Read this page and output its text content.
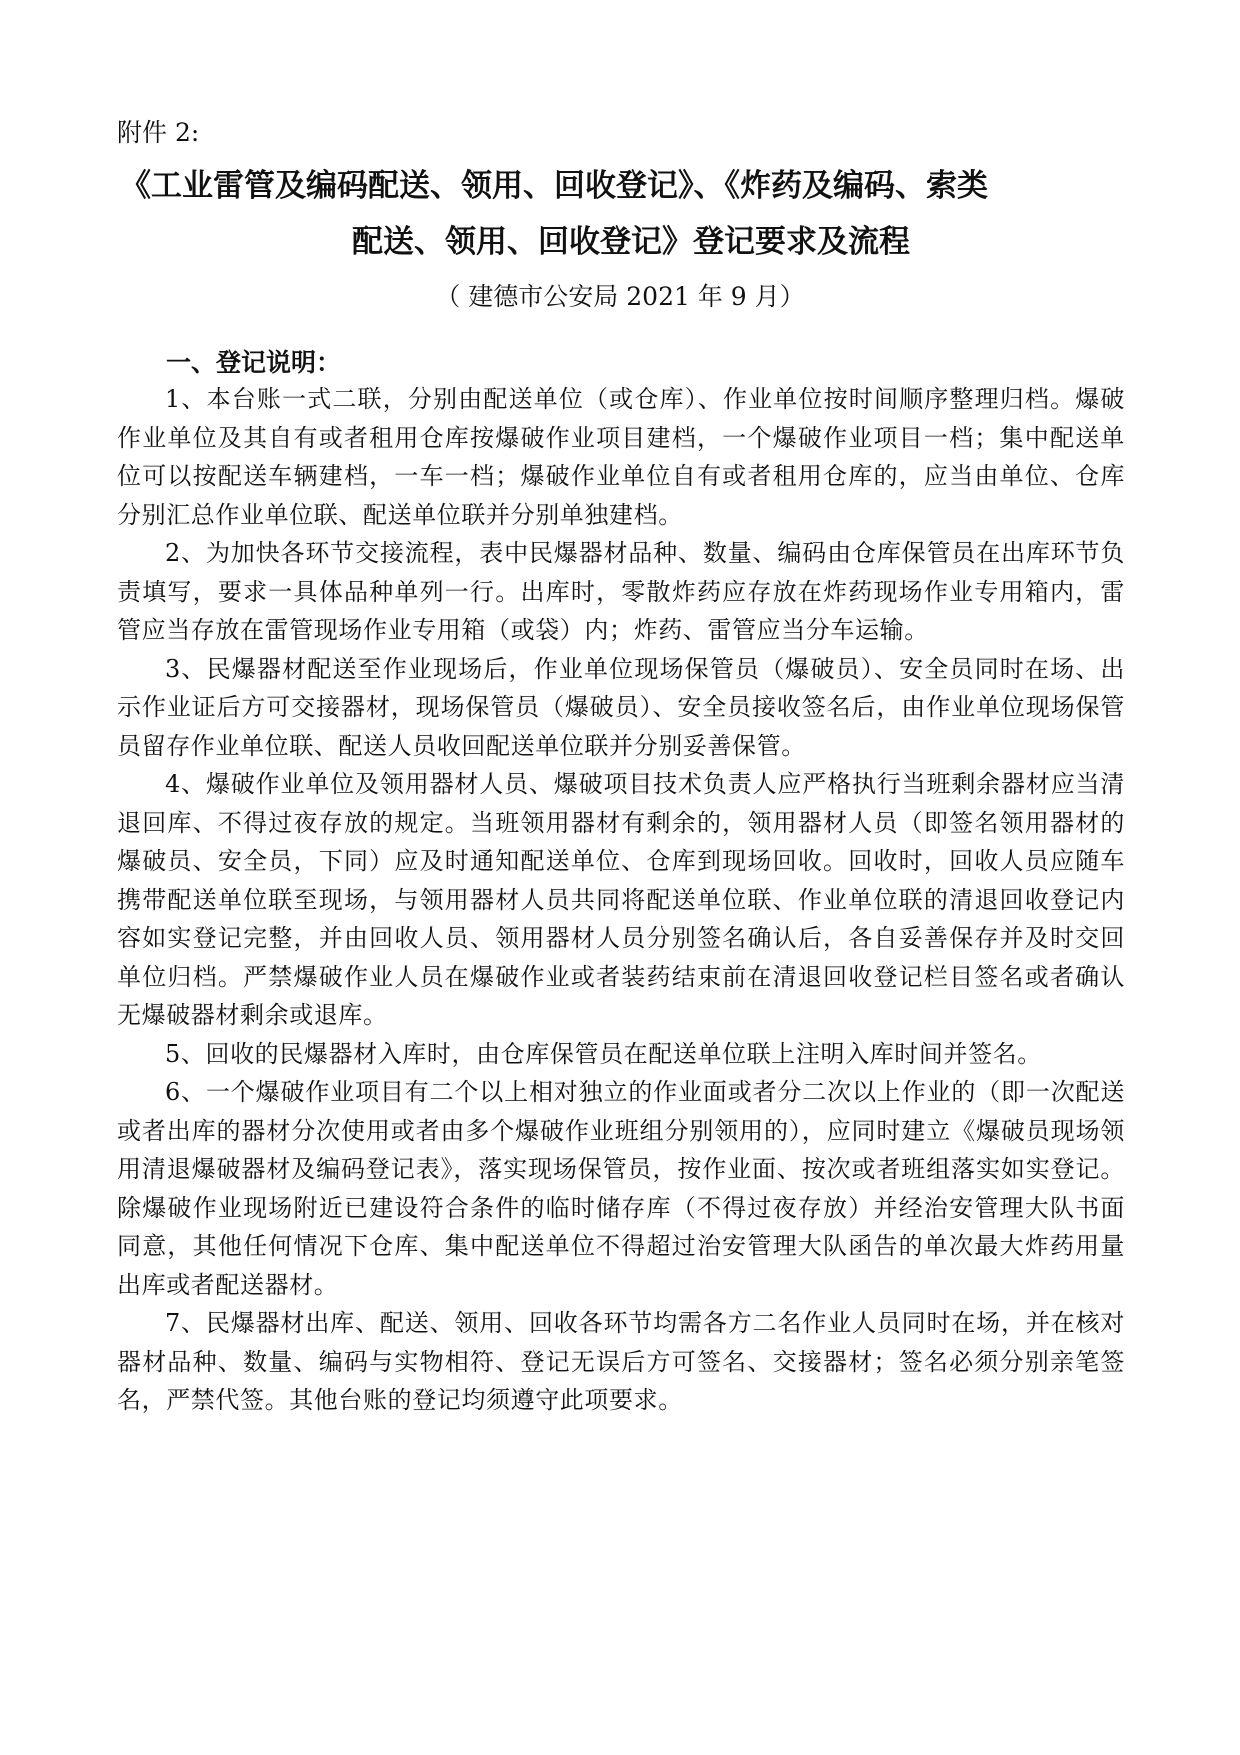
附件 2:
《工业雷管及编码配送、领用、回收登记》、《炸药及编码、索类
配送、领用、回收登记》登记要求及流程
（ 建德市公安局 2021 年 9 月）
一、登记说明：

1、本台账一式二联，分别由配送单位（或仓库）、作业单位按时间顺序整理归档。爆破作业单位及其自有或者租用仓库按爆破作业项目建档，一个爆破作业项目一档；集中配送单位可以按配送车辆建档，一车一档；爆破作业单位自有或者租用仓库的，应当由单位、仓库分别汇总作业单位联、配送单位联并分别单独建档。

2、为加快各环节交接流程，表中民爆器材品种、数量、编码由仓库保管员在出库环节负责填写，要求一具体品种单列一行。出库时，零散炸药应存放在炸药现场作业专用箱内，雷管应当存放在雷管现场作业专用箱（或袋）内；炸药、雷管应当分车运输。

3、民爆器材配送至作业现场后，作业单位现场保管员（爆破员）、安全员同时在场、出示作业证后方可交接器材，现场保管员（爆破员）、安全员接收签名后，由作业单位现场保管员留存作业单位联、配送人员收回配送单位联并分别妥善保管。

4、爆破作业单位及领用器材人员、爆破项目技术负责人应严格执行当班剩余器材应当清退回库、不得过夜存放的规定。当班领用器材有剩余的，领用器材人员（即签名领用器材的爆破员、安全员，下同）应及时通知配送单位、仓库到现场回收。回收时，回收人员应随车携带配送单位联至现场，与领用器材人员共同将配送单位联、作业单位联的清退回收登记内容如实登记完整，并由回收人员、领用器材人员分别签名确认后，各自妥善保存并及时交回单位归档。严禁爆破作业人员在爆破作业或者装药结束前在清退回收登记栏目签名或者确认无爆破器材剩余或退库。

5、回收的民爆器材入库时，由仓库保管员在配送单位联上注明入库时间并签名。

6、一个爆破作业项目有二个以上相对独立的作业面或者分二次以上作业的（即一次配送或者出库的器材分次使用或者由多个爆破作业班组分别领用的），应同时建立《爆破员现场领用清退爆破器材及编码登记表》，落实现场保管员，按作业面、按次或者班组落实如实登记。除爆破作业现场附近已建设符合条件的临时储存库（不得过夜存放）并经治安管理大队书面同意，其他任何情况下仓库、集中配送单位不得超过治安管理大队函告的单次最大炸药用量出库或者配送器材。

7、民爆器材出库、配送、领用、回收各环节均需各方二名作业人员同时在场，并在核对器材品种、数量、编码与实物相符、登记无误后方可签名、交接器材；签名必须分别亲笔签名，严禁代签。其他台账的登记均须遵守此项要求。
